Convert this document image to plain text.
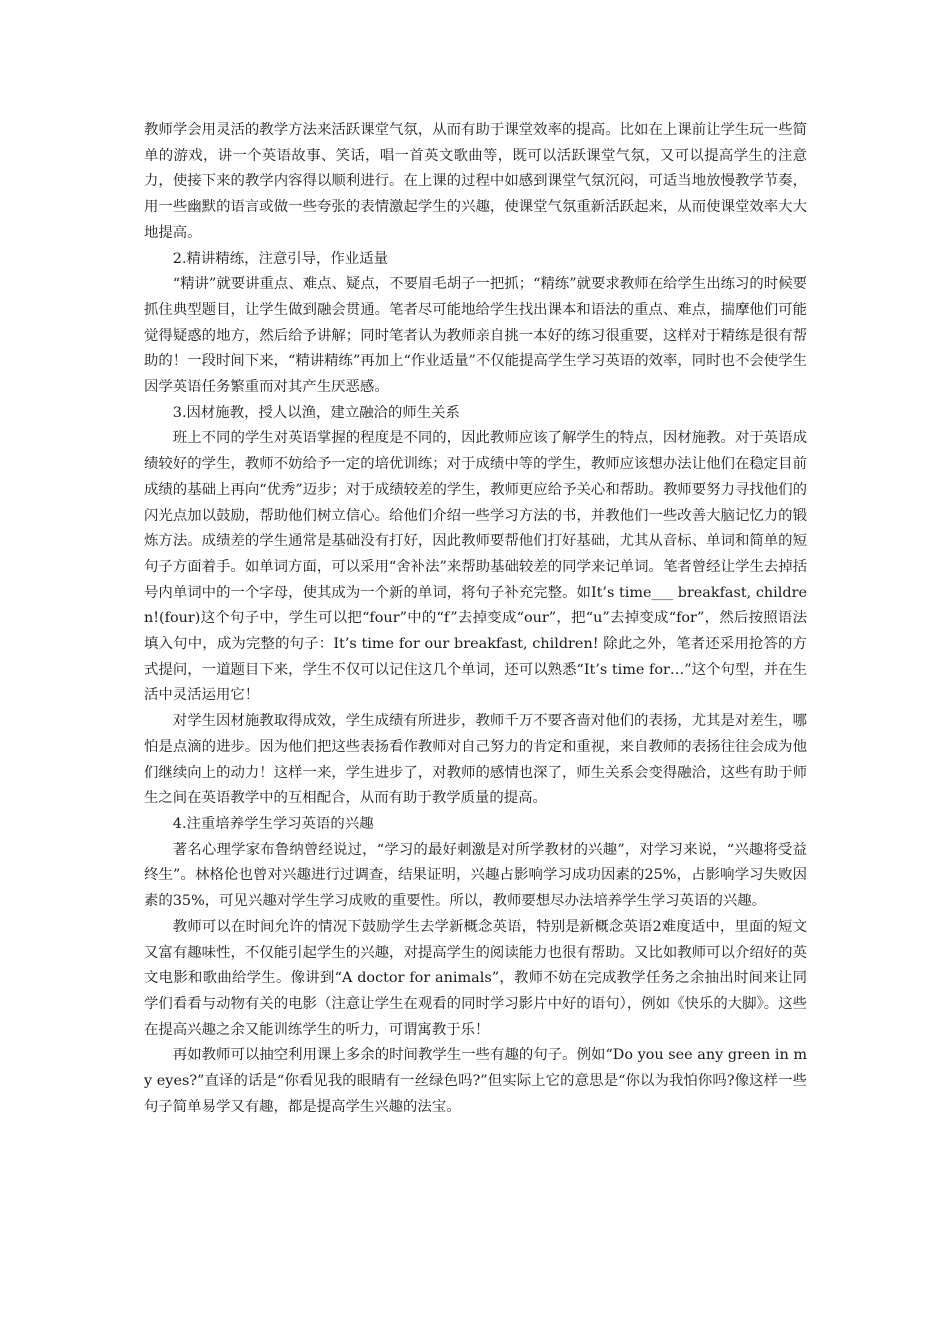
教师学会用灵活的教学方法来活跃课堂气氛，从而有助于课堂效率的提高。比如在上课前让学生玩一些简单的游戏，讲一个英语故事、笑话，唱一首英文歌曲等，既可以活跃课堂气氛，又可以提高学生的注意力，使接下来的教学内容得以顺利进行。在上课的过程中如感到课堂气氛沉闷，可适当地放慢教学节奏，用一些幽默的语言或做一些夸张的表情激起学生的兴趣，使课堂气氛重新活跃起来，从而使课堂效率大大地提高。

2.精讲精练，注意引导，作业适量

“精讲”就要讲重点、难点、疑点，不要眉毛胡子一把抓；“精练”就要求教师在给学生出练习的时候要抓住典型题目，让学生做到融会贯通。笔者尽可能地给学生找出课本和语法的重点、难点，揣摩他们可能觉得疑惑的地方，然后给予讲解；同时笔者认为教师亲自挑一本好的练习很重要，这样对于精练是很有帮助的！一段时间下来，“精讲精练”再加上“作业适量”不仅能提高学生学习英语的效率，同时也不会使学生因学英语任务繁重而对其产生厌恶感。

3.因材施教，授人以渔，建立融洽的师生关系

班上不同的学生对英语掌握的程度是不同的，因此教师应该了解学生的特点，因材施教。对于英语成绩较好的学生，教师不妨给予一定的培优训练；对于成绩中等的学生，教师应该想办法让他们在稳定目前成绩的基础上再向“优秀”迈步；对于成绩较差的学生，教师更应给予关心和帮助。教师要努力寻找他们的闪光点加以鼓励，帮助他们树立信心。给他们介绍一些学习方法的书，并教他们一些改善大脑记忆力的锻炼方法。成绩差的学生通常是基础没有打好，因此教师要帮他们打好基础，尤其从音标、单词和简单的短句子方面着手。如单词方面，可以采用“舍补法”来帮助基础较差的同学来记单词。笔者曾经让学生去掉括号内单词中的一个字母，使其成为一个新的单词，将句子补充完整。如It’s time___ breakfast, children!(four)这个句子中，学生可以把“four”中的“f”去掉变成“our”，把“u”去掉变成“for”，然后按照语法填入句中，成为完整的句子：It’s time for our breakfast, children! 除此之外，笔者还采用抢答的方式提问，一道题目下来，学生不仅可以记住这几个单词，还可以熟悉“It’s time for…”这个句型，并在生活中灵活运用它！

对学生因材施教取得成效，学生成绩有所进步，教师千万不要吝啬对他们的表扬，尤其是对差生，哪怕是点滴的进步。因为他们把这些表扬看作教师对自己努力的肯定和重视，来自教师的表扬往往会成为他们继续向上的动力！这样一来，学生进步了，对教师的感情也深了，师生关系会变得融洽，这些有助于师生之间在英语教学中的互相配合，从而有助于教学质量的提高。

4.注重培养学生学习英语的兴趣

著名心理学家布鲁纳曾经说过，“学习的最好刺激是对所学教材的兴趣”，对学习来说，“兴趣将受益终生”。林格伦也曾对兴趣进行过调查，结果证明，兴趣占影响学习成功因素的25%，占影响学习失败因素的35%，可见兴趣对学生学习成败的重要性。所以，教师要想尽办法培养学生学习英语的兴趣。

教师可以在时间允许的情况下鼓励学生去学新概念英语，特别是新概念英语2难度适中，里面的短文又富有趣味性，不仅能引起学生的兴趣，对提高学生的阅读能力也很有帮助。又比如教师可以介绍好的英文电影和歌曲给学生。像讲到“A doctor for animals”，教师不妨在完成教学任务之余抽出时间来让同学们看看与动物有关的电影（注意让学生在观看的同时学习影片中好的语句），例如《快乐的大脚》。这些在提高兴趣之余又能训练学生的听力，可谓寓教于乐！

再如教师可以抽空利用课上多余的时间教学生一些有趣的句子。例如“Do you see any green in my eyes?”直译的话是“你看见我的眼睛有一丝绿色吗?”但实际上它的意思是“你以为我怕你吗?像这样一些句子简单易学又有趣，都是提高学生兴趣的法宝。
